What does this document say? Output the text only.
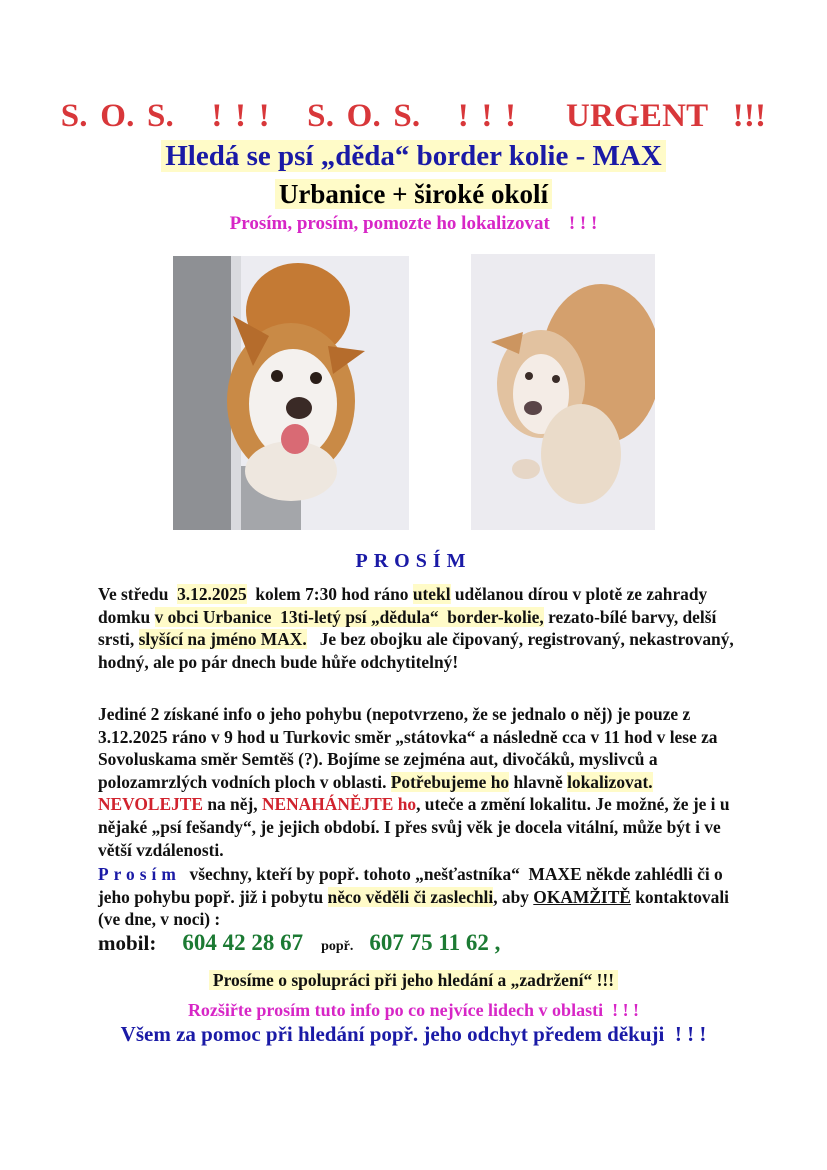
S. O. S.   ! ! !   S. O. S.   ! ! !    URGENT  !!!
Hledá se psí „děda“ border kolie - MAX
Urbanice + široké okolí
Prosím, prosím, pomozte ho lokalizovat    ! ! !
PROSÍM
Ve středu  3.12.2025  kolem 7:30 hod ráno utekl udělanou dírou v plotě ze zahrady domku v obci Urbanice  13ti-letý psí „dědula“  border-kolie, rezato-bílé barvy, delší srsti, slyšící na jméno MAX.   Je bez obojku ale čipovaný, registrovaný, nekastrovaný, hodný, ale po pár dnech bude hůře odchytitelný!
Jediné 2 získané info o jeho pohybu (nepotvrzeno, že se jednalo o něj) je pouze z 3.12.2025 ráno v 9 hod u Turkovic směr „státovka“ a následně cca v 11 hod v lese za Sovoluskama směr Semtěš (?). Bojíme se zejména aut, divočáků, myslivců a polozamrzlých vodních ploch v oblasti. Potřebujeme ho hlavně lokalizovat. NEVOLEJTE na něj, NENAHÁNĚJTE ho, uteče a změní lokalitu. Je možné, že je i u nějaké „psí fešandy“, je jejich období. I přes svůj věk je docela vitální, může být i ve větší vzdálenosti.
Prosím  všechny, kteří by popř. tohoto „nešťastníka“  MAXE někde zahlédli či o jeho pohybu popř. již i pobytu něco věděli či zaslechli, aby OKAMŽITĚ kontaktovali (ve dne, v noci) :
mobil: 604 42 28 67 popř. 607 75 11 62 ,
Prosíme o spolupráci při jeho hledání a „zadržení“ !!!
Rozšiřte prosím tuto info po co nejvíce lidech v oblasti  ! ! !
Všem za pomoc při hledání popř. jeho odchyt předem děkuji  ! ! !
